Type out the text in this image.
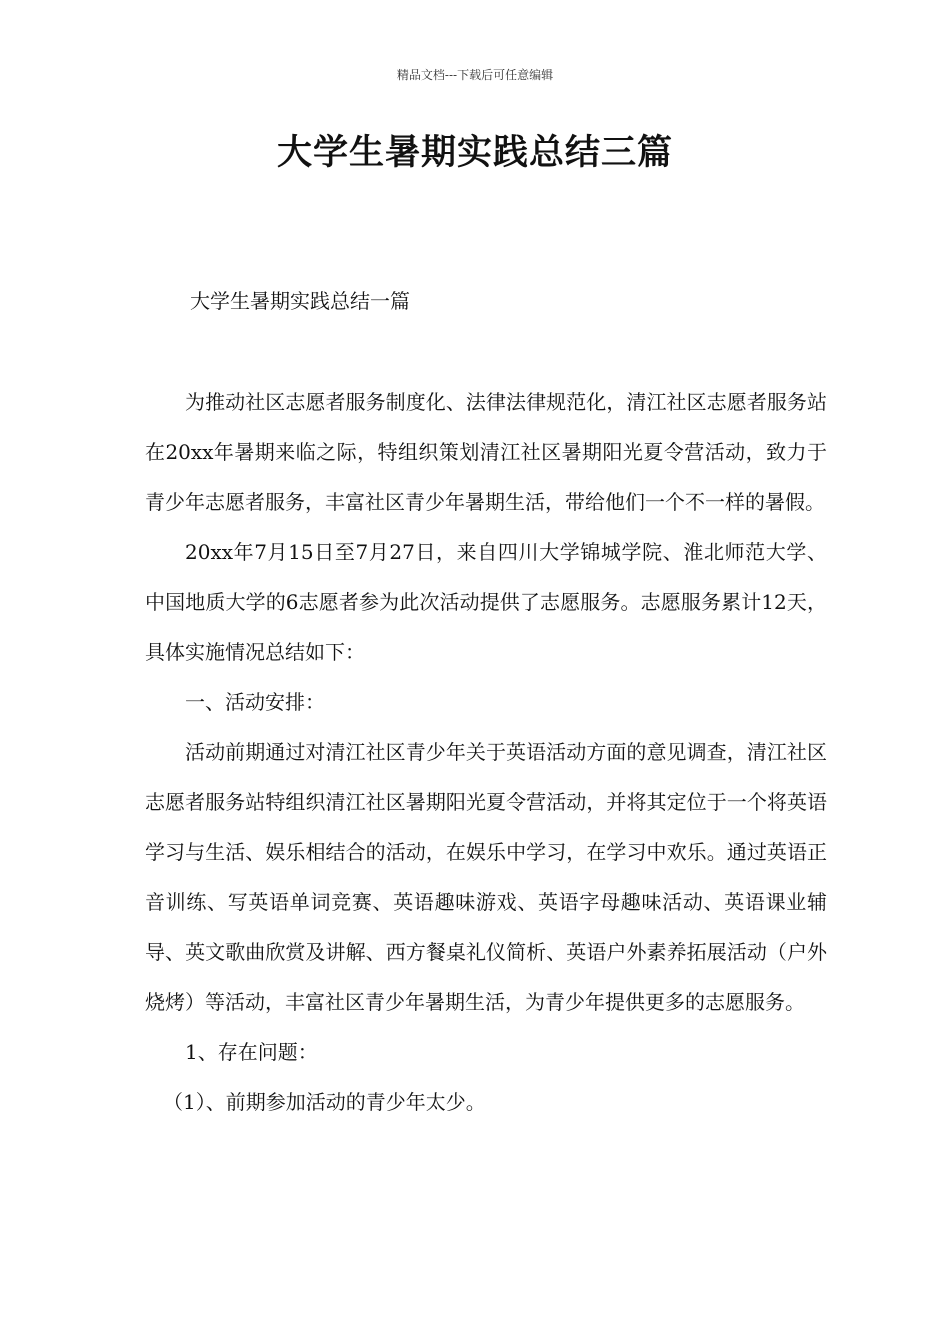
精品文档---下载后可任意编辑
大学生暑期实践总结三篇
大学生暑期实践总结一篇

为推动社区志愿者服务制度化、法律法律规范化，清江社区志愿者服务站在20xx年暑期来临之际，特组织策划清江社区暑期阳光夏令营活动，致力于青少年志愿者服务，丰富社区青少年暑期生活，带给他们一个不一样的暑假。

20xx年7月15日至7月27日，来自四川大学锦城学院、淮北师范大学、中国地质大学的6志愿者参为此次活动提供了志愿服务。志愿服务累计12天，具体实施情况总结如下：

一、活动安排：

活动前期通过对清江社区青少年关于英语活动方面的意见调查，清江社区志愿者服务站特组织清江社区暑期阳光夏令营活动，并将其定位于一个将英语学习与生活、娱乐相结合的活动，在娱乐中学习，在学习中欢乐。通过英语正音训练、写英语单词竞赛、英语趣味游戏、英语字母趣味活动、英语课业辅导、英文歌曲欣赏及讲解、西方餐桌礼仪简析、英语户外素养拓展活动（户外烧烤）等活动，丰富社区青少年暑期生活，为青少年提供更多的志愿服务。

1、存在问题：

（1）、前期参加活动的青少年太少。
